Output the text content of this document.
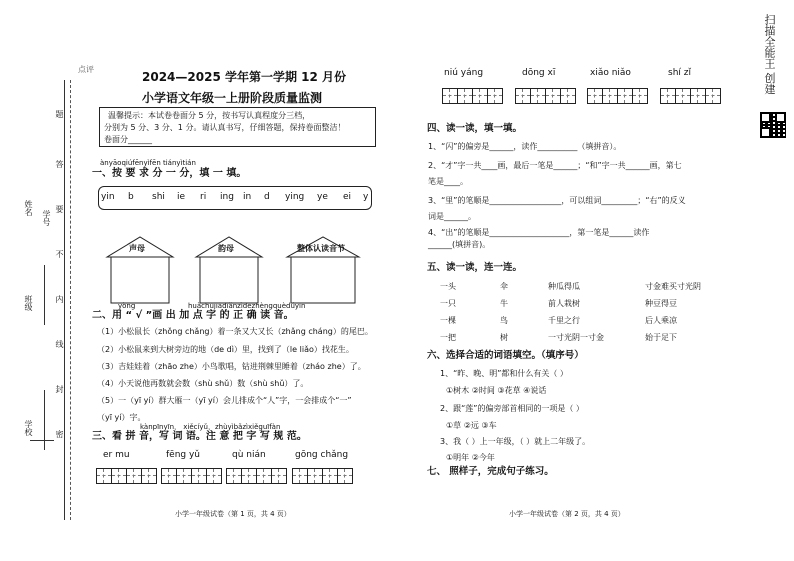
学校
班级
姓名
题
答
要
不
内
线
封
密
学号
点评
2024—2025 学年第一学期 12 月份
小学语文年级一上册阶段质量监测
温馨提示：本试卷卷面分 5 分，按书写认真程度分三档，
分别为 5 分、3 分、1 分。请认真书写，仔细答题，保持卷面整洁！
卷面分______
ànyāoqiúfēnyìfēn tiányìtián
一、按 要 求 分 一 分，填 一 填。
yin b shi ie ri ing in d ying ye ei y
声母	韵母	整体认读音节
yòng	huàchūjiādiǎnzìdezhèngquèdúyīn
二、用 “ √ ”画 出 加 点 字 的 正 确 读 音。
（1）小松鼠长（zhǒng chǎng）着一条又大又长（zhǎng cháng）的尾巴。
（2）小松鼠来到大树旁边的地（de dì）里，找到了（le liǎo）找花生。
（3）吉娃娃着（zhāo zhe）小鸟歌唱，钻进荆棘里睡着（zháo zhe）了。
（4）小天说他再数就会数（shù shǔ）数（shù shǔ）了。
（5）一（yī yí）群大雁一（yī yí）会儿排成个“人”字，一会排成个“一”
（yī yí）字。
kànpīnyīn， xiěcíyǔ，zhùyìbǎzìxiěguīfàn
三、看 拼 音，写 词 语。注 意 把 字 写 规 范。
er mu	fēng yǔ	qù nián	gōng chǎng
小学一年级试卷（第 1 页，共 4 页）
niú yáng	dōng xī	xiǎo niǎo	shí zǐ
四、读一读，填一填。
1、“闪”的偏旁是______，读作__________（填拼音）。
2、“才”字一共____画，最后一笔是______；“和”字一共______画，第七
笔是____。
3、“里”的笔顺是__________________，可以组词_________；“右”的反义
词是______。
4、“出”的笔顺是____________________，第一笔是______读作
______(填拼音)。
五、读一读，连一连。
一头
一只
一棵
一把
伞
牛
鸟
树
种瓜得瓜
前人栽树
千里之行
一寸光阴一寸金
寸金难买寸光阴
种豆得豆
后人乘凉
始于足下
六、选择合适的词语填空。（填序号）
1、“昨、晚、明”都和什么有关（ ）
①树木 ②时间 ③花草 ④说话
2、跟“莲”的偏旁部首相同的一项是（ ）
①草 ②远 ③车
3、我（ ）上一年级，（ ）就上二年级了。
①明年 ②今年
七、 照样子，完成句子练习。
小学一年级试卷（第 2 页，共 4 页）
扫描全能王 创建
